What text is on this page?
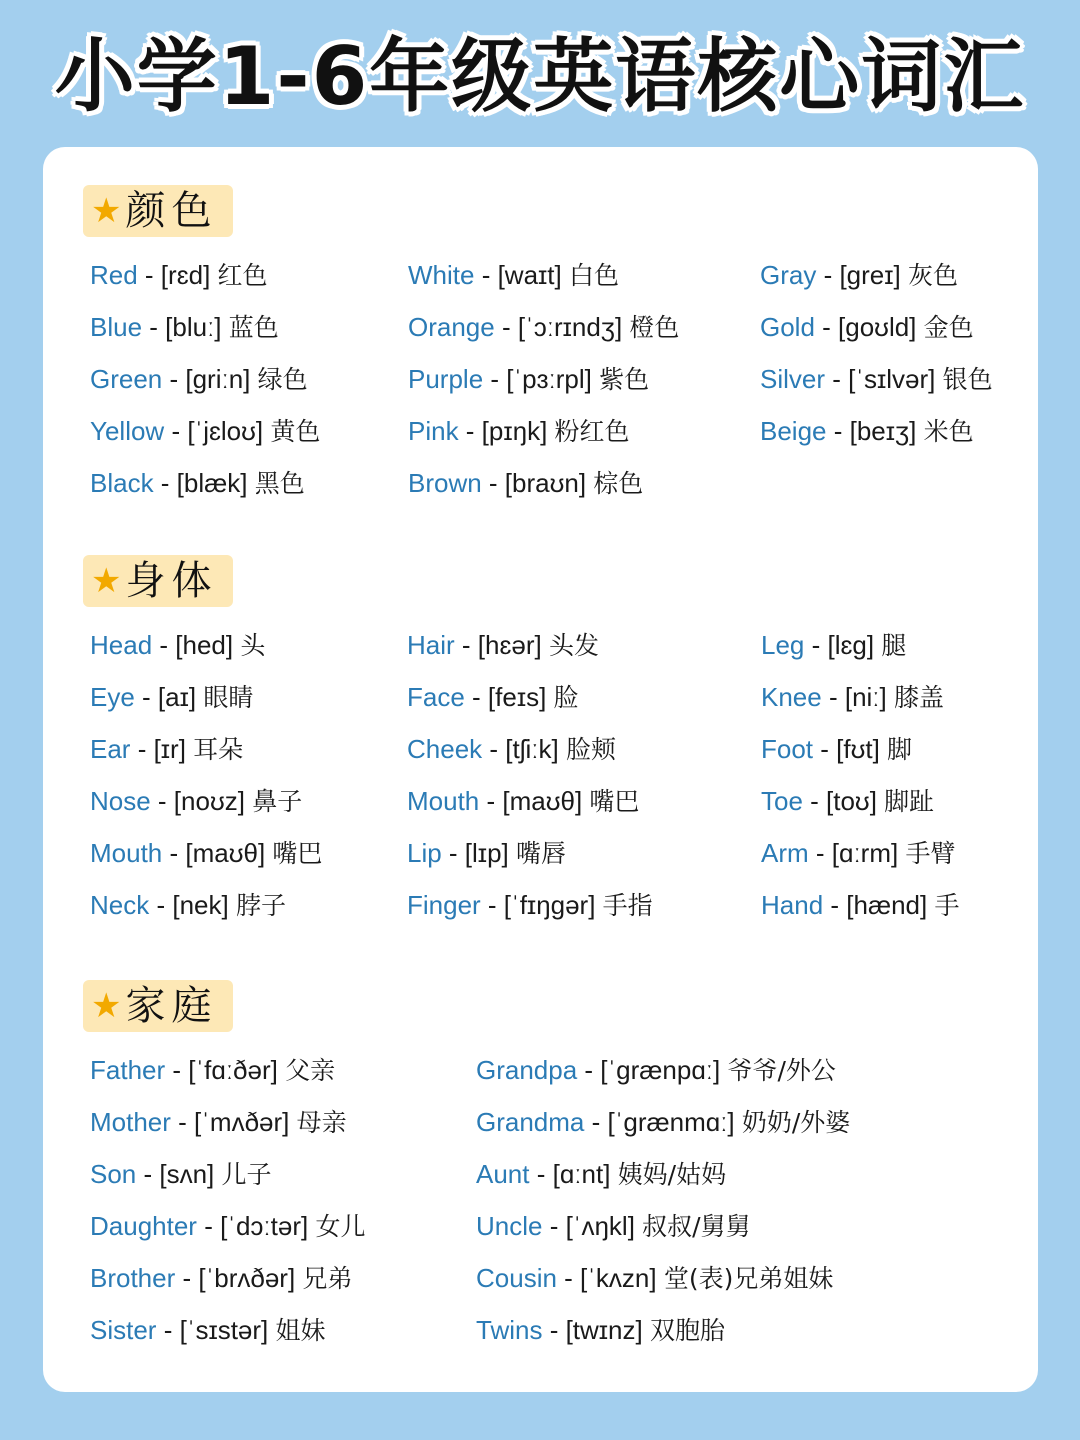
小学1-6年级英语核心词汇
★ 颜色
Red - [rɛd] 红色
Blue - [bluː] 蓝色
Green - [griːn] 绿色
Yellow - [ˈjɛloʊ] 黄色
Black - [blæk] 黑色
White - [waɪt] 白色
Orange - [ˈɔːrɪndʒ] 橙色
Purple - [ˈpɜːrpl] 紫色
Pink - [pɪŋk] 粉红色
Brown - [braʊn] 棕色
Gray - [greɪ] 灰色
Gold - [goʊld] 金色
Silver - [ˈsɪlvər] 银色
Beige - [beɪʒ] 米色
★ 身体
Head - [hed] 头
Eye - [aɪ] 眼睛
Ear - [ɪr] 耳朵
Nose - [noʊz] 鼻子
Mouth - [maʊθ] 嘴巴
Neck - [nek] 脖子
Hair - [hɛər] 头发
Face - [feɪs] 脸
Cheek - [tʃiːk] 脸颊
Mouth - [maʊθ] 嘴巴
Lip - [lɪp] 嘴唇
Finger - [ˈfɪŋgər] 手指
Leg - [lɛg] 腿
Knee - [niː] 膝盖
Foot - [fʊt] 脚
Toe - [toʊ] 脚趾
Arm - [ɑːrm] 手臂
Hand - [hænd] 手
★ 家庭
Father - [ˈfɑːðər] 父亲
Mother - [ˈmʌðər] 母亲
Son - [sʌn] 儿子
Daughter - [ˈdɔːtər] 女儿
Brother - [ˈbrʌðər] 兄弟
Sister - [ˈsɪstər] 姐妹
Grandpa - [ˈgrænpɑː] 爷爷/外公
Grandma - [ˈgrænmɑː] 奶奶/外婆
Aunt - [ɑːnt] 姨妈/姑妈
Uncle - [ˈʌŋkl] 叔叔/舅舅
Cousin - [ˈkʌzn] 堂(表)兄弟姐妹
Twins - [twɪnz] 双胞胎
